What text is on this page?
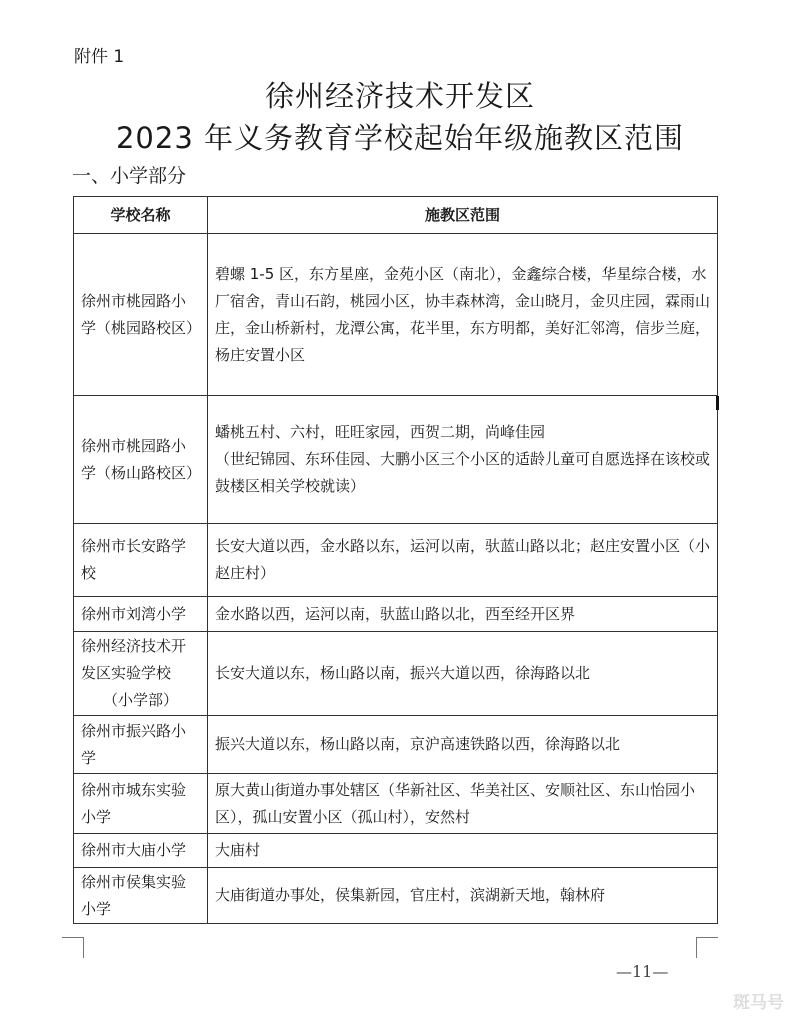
附件 1
徐州经济技术开发区
2023 年义务教育学校起始年级施教区范围
一、小学部分
学校名称	施教区范围
徐州市桃园路小学（桃园路校区）	碧螺 1-5 区，东方星座，金苑小区（南北），金鑫综合楼，华星综合楼，水厂宿舍，青山石韵，桃园小区，协丰森林湾，金山晓月，金贝庄园，霖雨山庄，金山桥新村，龙潭公寓，花半里，东方明都，美好汇邻湾，信步兰庭，杨庄安置小区
徐州市桃园路小学（杨山路校区）	蟠桃五村、六村，旺旺家园，西贺二期，尚峰佳园
（世纪锦园、东环佳园、大鹏小区三个小区的适龄儿童可自愿选择在该校或鼓楼区相关学校就读）

徐州市长安路学校	长安大道以西，金水路以东，运河以南，驮蓝山路以北；赵庄安置小区（小赵庄村）
徐州市刘湾小学	金水路以西，运河以南，驮蓝山路以北，西至经开区界
徐州经济技术开发区实验学校
（小学部）	长安大道以东，杨山路以南，振兴大道以西，徐海路以北
徐州市振兴路小学	振兴大道以东，杨山路以南，京沪高速铁路以西，徐海路以北
徐州市城东实验小学	原大黄山街道办事处辖区（华新社区、华美社区、安顺社区、东山怡园小区），孤山安置小区（孤山村），安然村
徐州市大庙小学	大庙村
徐州市侯集实验小学	大庙街道办事处，侯集新园，官庄村，滨湖新天地，翰林府
—11—
斑马号
